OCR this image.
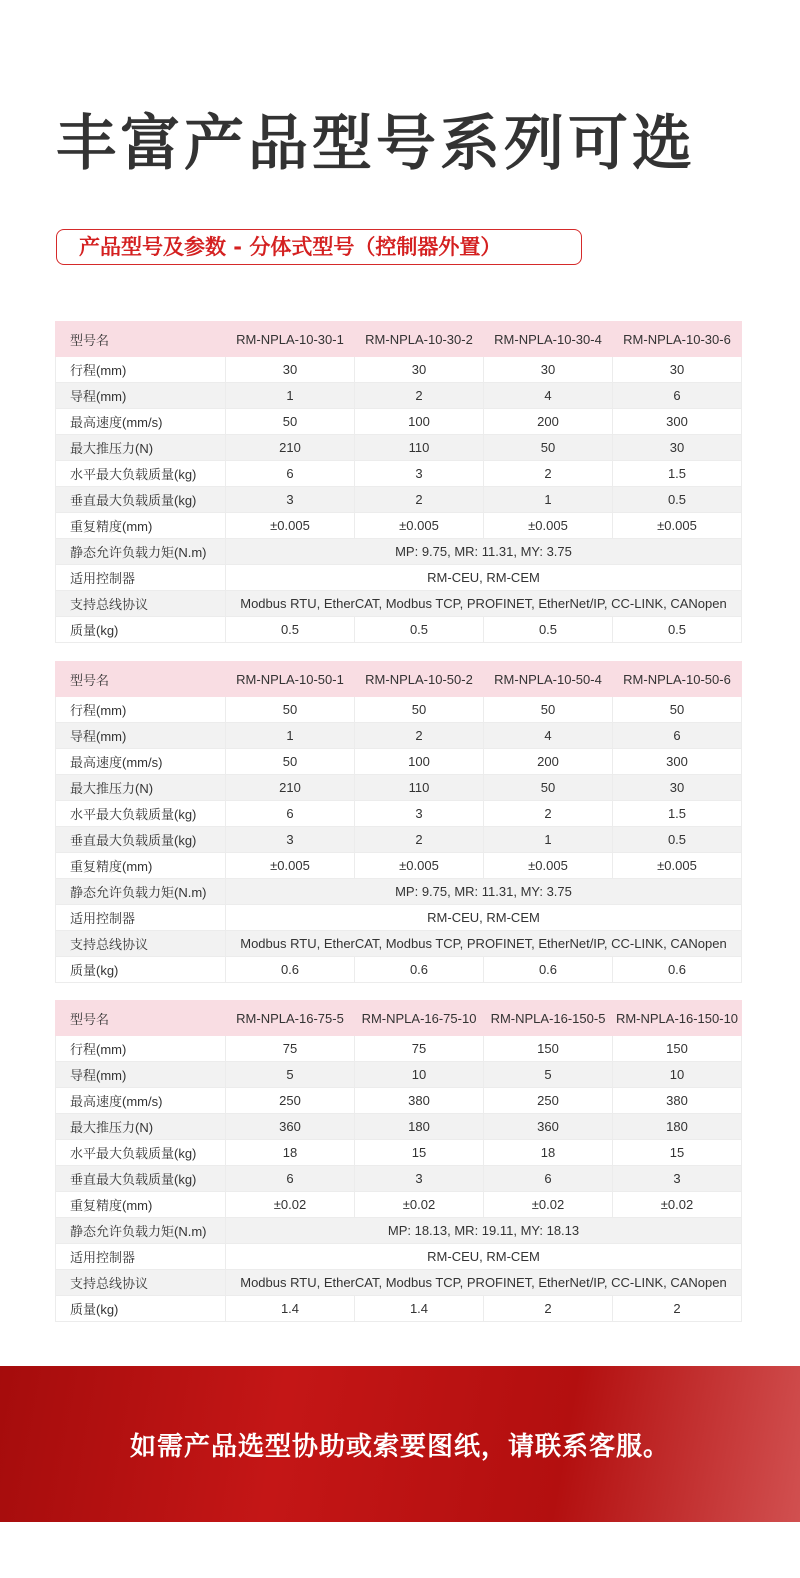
丰富产品型号系列可选
产品型号及参数 - 分体式型号（控制器外置）
型号名	RM-NPLA-10-30-1	RM-NPLA-10-30-2	RM-NPLA-10-30-4	RM-NPLA-10-30-6
行程(mm)	30	30	30	30
导程(mm)	1	2	4	6
最高速度(mm/s)	50	100	200	300
最大推压力(N)	210	110	50	30
水平最大负载质量(kg)	6	3	2	1.5
垂直最大负载质量(kg)	3	2	1	0.5
重复精度(mm)	±0.005	±0.005	±0.005	±0.005
静态允许负载力矩(N.m)	MP: 9.75, MR: 11.31, MY: 3.75			
适用控制器	RM-CEU, RM-CEM			
支持总线协议	Modbus RTU, EtherCAT, Modbus TCP, PROFINET, EtherNet/IP, CC-LINK, CANopen			
质量(kg)	0.5	0.5	0.5	0.5
型号名	RM-NPLA-10-50-1	RM-NPLA-10-50-2	RM-NPLA-10-50-4	RM-NPLA-10-50-6
行程(mm)	50	50	50	50
导程(mm)	1	2	4	6
最高速度(mm/s)	50	100	200	300
最大推压力(N)	210	110	50	30
水平最大负载质量(kg)	6	3	2	1.5
垂直最大负载质量(kg)	3	2	1	0.5
重复精度(mm)	±0.005	±0.005	±0.005	±0.005
静态允许负载力矩(N.m)	MP: 9.75, MR: 11.31, MY: 3.75			
适用控制器	RM-CEU, RM-CEM			
支持总线协议	Modbus RTU, EtherCAT, Modbus TCP, PROFINET, EtherNet/IP, CC-LINK, CANopen			
质量(kg)	0.6	0.6	0.6	0.6
型号名	RM-NPLA-16-75-5	RM-NPLA-16-75-10	RM-NPLA-16-150-5	RM-NPLA-16-150-10
行程(mm)	75	75	150	150
导程(mm)	5	10	5	10
最高速度(mm/s)	250	380	250	380
最大推压力(N)	360	180	360	180
水平最大负载质量(kg)	18	15	18	15
垂直最大负载质量(kg)	6	3	6	3
重复精度(mm)	±0.02	±0.02	±0.02	±0.02
静态允许负载力矩(N.m)	MP: 18.13, MR: 19.11, MY: 18.13			
适用控制器	RM-CEU, RM-CEM			
支持总线协议	Modbus RTU, EtherCAT, Modbus TCP, PROFINET, EtherNet/IP, CC-LINK, CANopen			
质量(kg)	1.4	1.4	2	2
如需产品选型协助或索要图纸，请联系客服。
